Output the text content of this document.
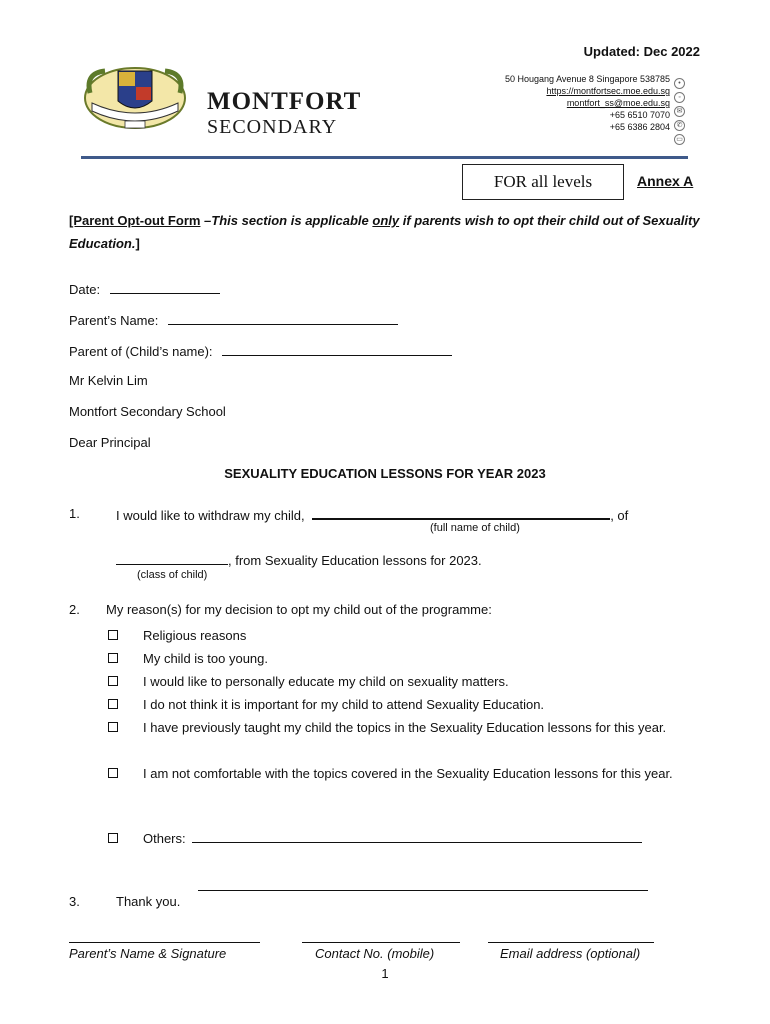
Updated: Dec 2022
MONTFORT
SECONDARY
50 Hougang Avenue 8 Singapore 538785
https://montfortsec.moe.edu.sg
montfort_ss@moe.edu.sg
+65 6510 7070
+65 6386 2804
•
◦
✉
✆
▭
FOR all levels	Annex A
[Parent Opt-out Form –This section is applicable only if parents wish to opt their child out of Sexuality Education.]
Date:
Parent’s Name:
Parent of (Child’s name):
Mr Kelvin Lim
Montfort Secondary School
Dear Principal
SEXUALITY EDUCATION LESSONS FOR YEAR 2023
1.	I would like to withdraw my child,	, of
(full name of child)
, from Sexuality Education lessons for 2023.
(class of child)
2. My reason(s) for my decision to opt my child out of the programme:
Religious reasons
My child is too young.
I would like to personally educate my child on sexuality matters.
I do not think it is important for my child to attend Sexuality Education.
I have previously taught my child the topics in the Sexuality Education lessons for this year.
I am not comfortable with the topics covered in the Sexuality Education lessons for this year.
Others:
3.	Thank you.
Parent’s Name & Signature	Contact No. (mobile)	Email address (optional)
1
